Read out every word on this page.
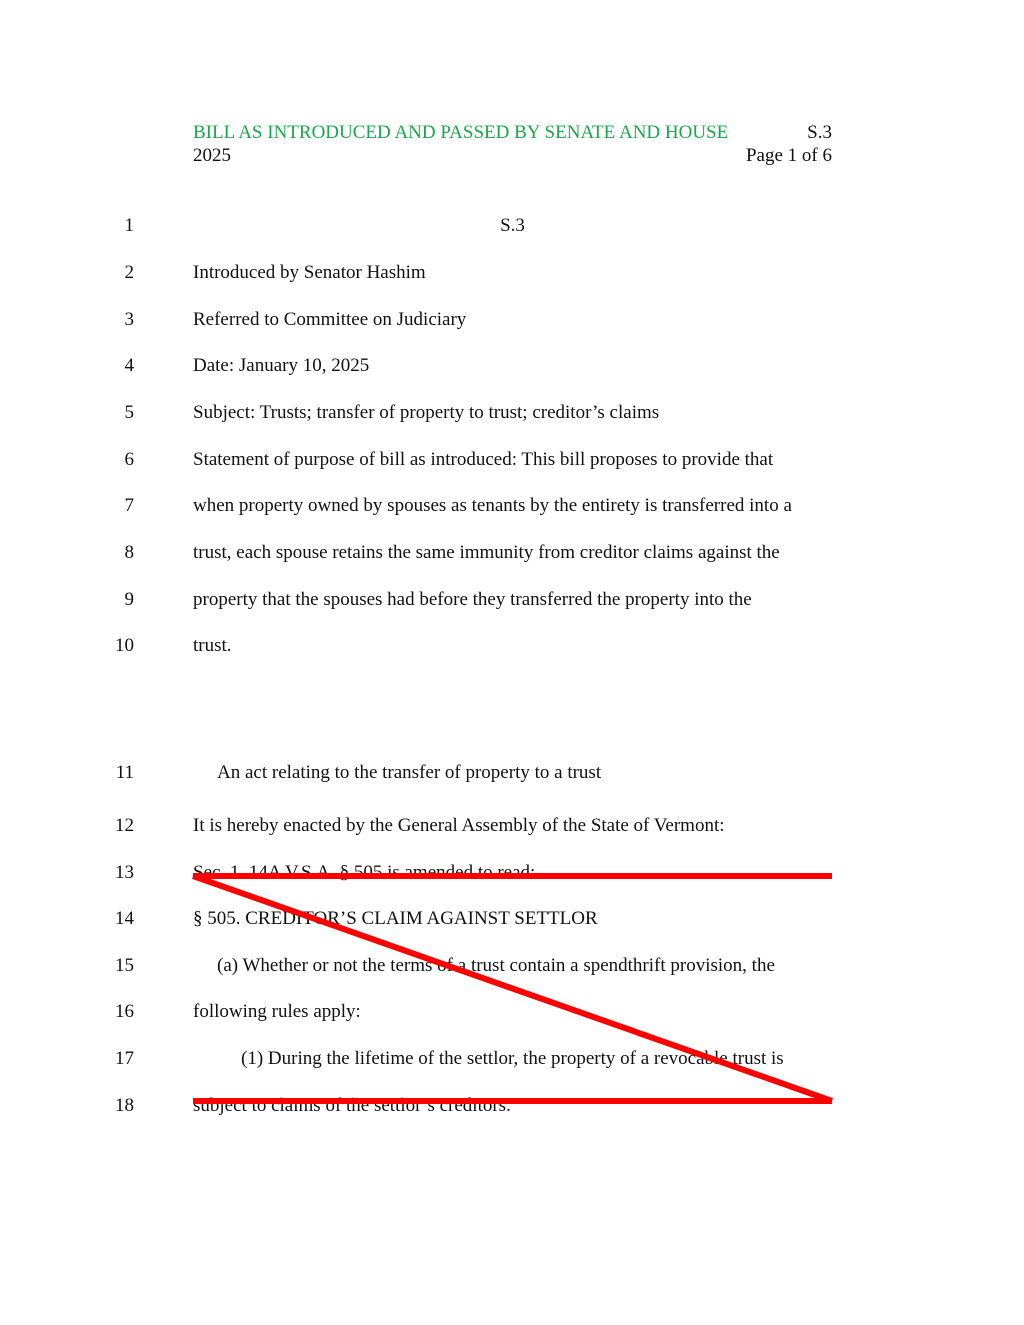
BILL AS INTRODUCED AND PASSED BY SENATE AND HOUSE	S.3
2025	Page 1 of 6
1	S.3
2	Introduced by Senator Hashim
3	Referred to Committee on Judiciary
4	Date: January 10, 2025
5	Subject: Trusts; transfer of property to trust; creditor’s claims
6	Statement of purpose of bill as introduced: This bill proposes to provide that
7	when property owned by spouses as tenants by the entirety is transferred into a
8	trust, each spouse retains the same immunity from creditor claims against the
9	property that the spouses had before they transferred the property into the
10	trust.
11	An act relating to the transfer of property to a trust
12	It is hereby enacted by the General Assembly of the State of Vermont:
13	Sec. 1. 14A V.S.A. § 505 is amended to read:
14	§ 505. CREDITOR’S CLAIM AGAINST SETTLOR
15	(a) Whether or not the terms of a trust contain a spendthrift provision, the
16	following rules apply:
17	(1) During the lifetime of the settlor, the property of a revocable trust is
18	subject to claims of the settlor’s creditors.
